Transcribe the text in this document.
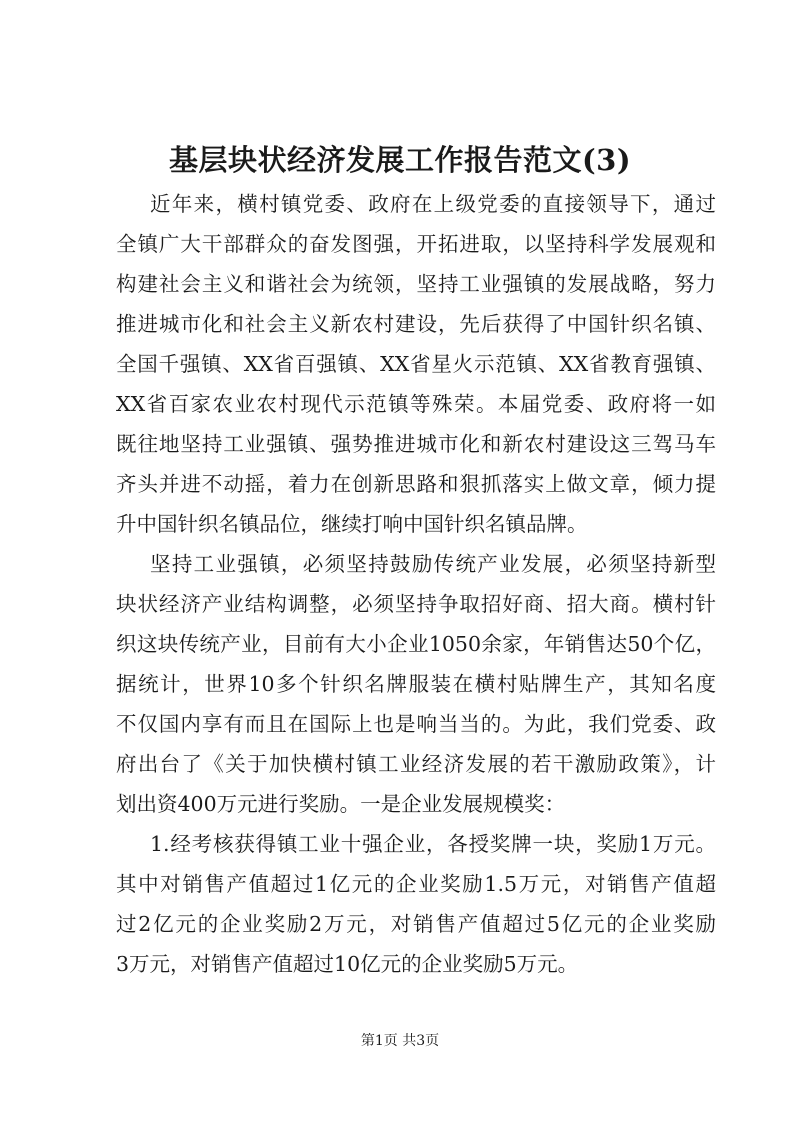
基层块状经济发展工作报告范文(3)
近年来，横村镇党委、政府在上级党委的直接领导下，通过
全镇广大干部群众的奋发图强，开拓进取，以坚持科学发展观和
构建社会主义和谐社会为统领，坚持工业强镇的发展战略，努力
推进城市化和社会主义新农村建设，先后获得了中国针织名镇、
全国千强镇、XX省百强镇、XX省星火示范镇、XX省教育强镇、
XX省百家农业农村现代示范镇等殊荣。本届党委、政府将一如
既往地坚持工业强镇、强势推进城市化和新农村建设这三驾马车
齐头并进不动摇，着力在创新思路和狠抓落实上做文章，倾力提
升中国针织名镇品位，继续打响中国针织名镇品牌。
坚持工业强镇，必须坚持鼓励传统产业发展，必须坚持新型
块状经济产业结构调整，必须坚持争取招好商、招大商。横村针
织这块传统产业，目前有大小企业1050余家，年销售达50个亿，
据统计，世界10多个针织名牌服装在横村贴牌生产，其知名度
不仅国内享有而且在国际上也是响当当的。为此，我们党委、政
府出台了《关于加快横村镇工业经济发展的若干激励政策》，计
划出资400万元进行奖励。一是企业发展规模奖：
1.经考核获得镇工业十强企业，各授奖牌一块，奖励1万元。
其中对销售产值超过1亿元的企业奖励1.5万元，对销售产值超
过2亿元的企业奖励2万元，对销售产值超过5亿元的企业奖励
3万元，对销售产值超过10亿元的企业奖励5万元。
第1页 共3页
